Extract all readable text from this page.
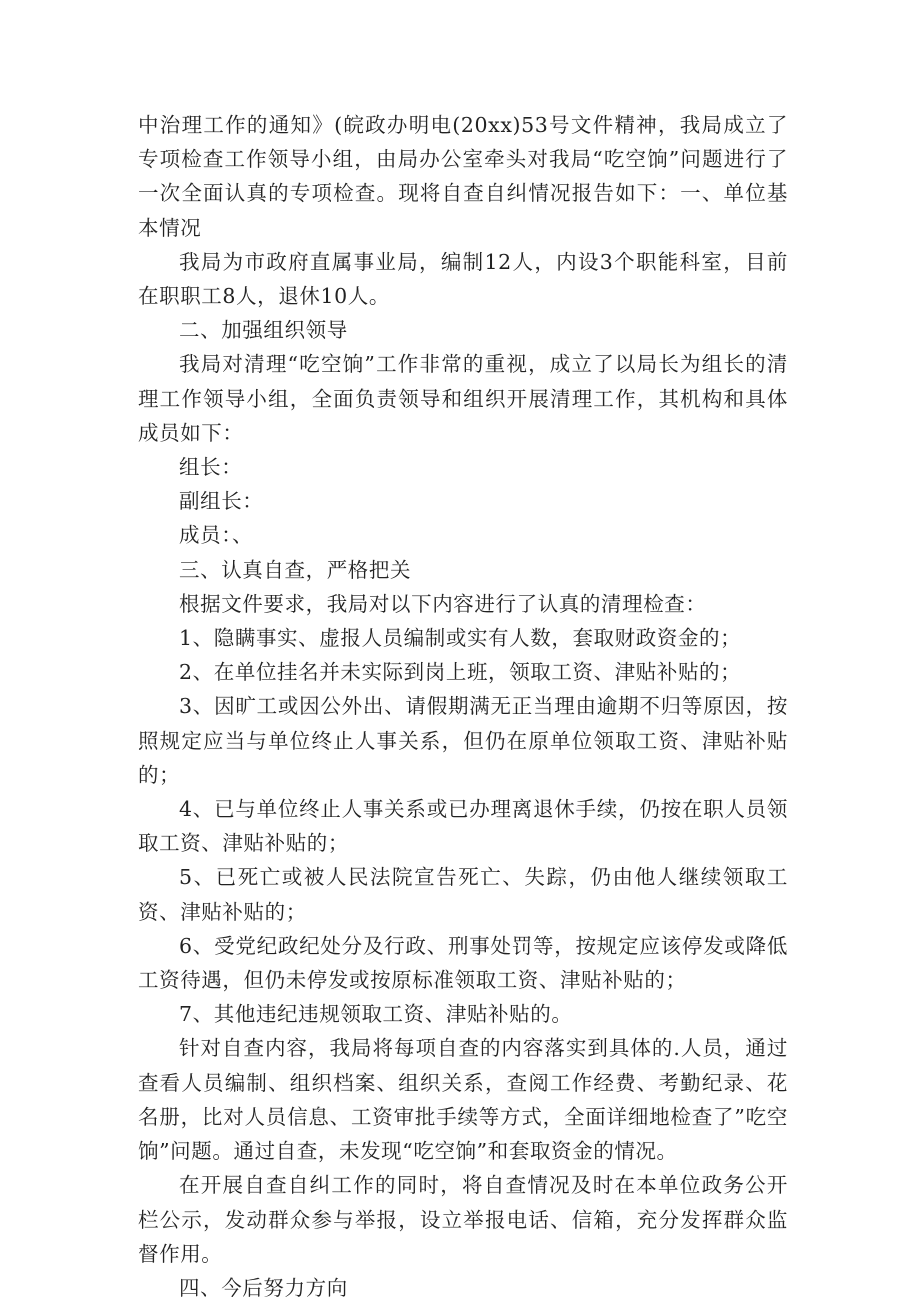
中治理工作的通知》(皖政办明电(20xx)53号文件精神，我局成立了专项检查工作领导小组，由局办公室牵头对我局“吃空饷”问题进行了一次全面认真的专项检查。现将自查自纠情况报告如下：一、单位基本情况

我局为市政府直属事业局，编制12人，内设3个职能科室，目前在职职工8人，退休10人。

二、加强组织领导

我局对清理“吃空饷”工作非常的重视，成立了以局长为组长的清理工作领导小组，全面负责领导和组织开展清理工作，其机构和具体成员如下：

组长：

副组长：

成员：、

三、认真自查，严格把关

根据文件要求，我局对以下内容进行了认真的清理检查：

1、隐瞒事实、虚报人员编制或实有人数，套取财政资金的；

2、在单位挂名并未实际到岗上班，领取工资、津贴补贴的；

3、因旷工或因公外出、请假期满无正当理由逾期不归等原因，按照规定应当与单位终止人事关系，但仍在原单位领取工资、津贴补贴的；

4、已与单位终止人事关系或已办理离退休手续，仍按在职人员领取工资、津贴补贴的；

5、已死亡或被人民法院宣告死亡、失踪，仍由他人继续领取工资、津贴补贴的；

6、受党纪政纪处分及行政、刑事处罚等，按规定应该停发或降低工资待遇，但仍未停发或按原标准领取工资、津贴补贴的；

7、其他违纪违规领取工资、津贴补贴的。

针对自查内容，我局将每项自查的内容落实到具体的.人员，通过查看人员编制、组织档案、组织关系，查阅工作经费、考勤纪录、花名册，比对人员信息、工资审批手续等方式，全面详细地检查了”吃空饷”问题。通过自查，未发现“吃空饷”和套取资金的情况。

在开展自查自纠工作的同时，将自查情况及时在本单位政务公开栏公示，发动群众参与举报，设立举报电话、信箱，充分发挥群众监督作用。

四、今后努力方向
